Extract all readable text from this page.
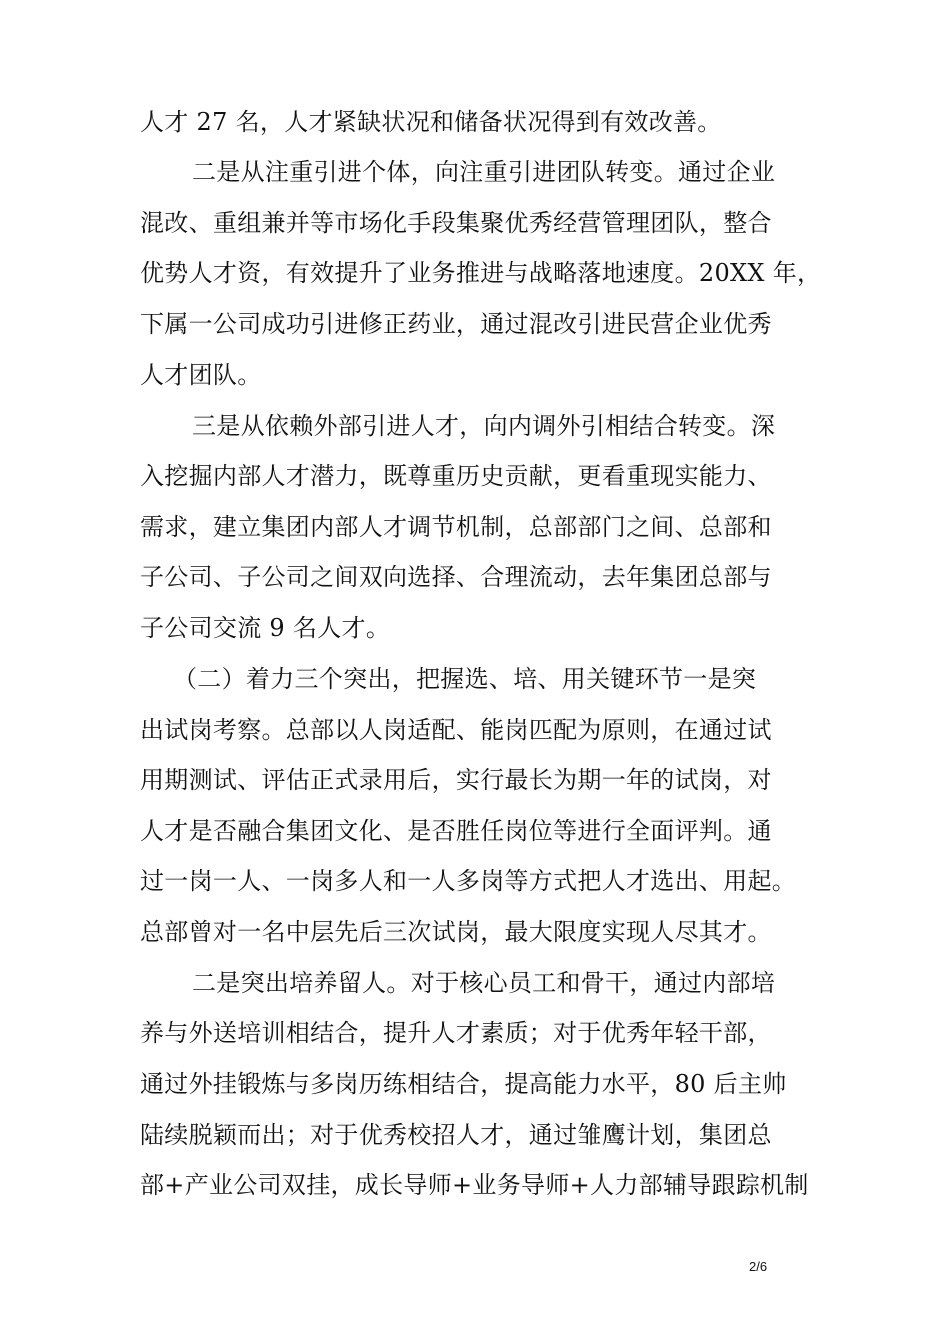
人才 27 名，人才紧缺状况和储备状况得到有效改善。
二是从注重引进个体，向注重引进团队转变。通过企业
混改、重组兼并等市场化手段集聚优秀经营管理团队，整合
优势人才资，有效提升了业务推进与战略落地速度。20XX 年，
下属一公司成功引进修正药业，通过混改引进民营企业优秀
人才团队。
三是从依赖外部引进人才，向内调外引相结合转变。深
入挖掘内部人才潜力，既尊重历史贡献，更看重现实能力、
需求，建立集团内部人才调节机制，总部部门之间、总部和
子公司、子公司之间双向选择、合理流动，去年集团总部与
子公司交流 9 名人才。
（二）着力三个突出，把握选、培、用关键环节一是突
出试岗考察。总部以人岗适配、能岗匹配为原则，在通过试
用期测试、评估正式录用后，实行最长为期一年的试岗，对
人才是否融合集团文化、是否胜任岗位等进行全面评判。通
过一岗一人、一岗多人和一人多岗等方式把人才选出、用起。
总部曾对一名中层先后三次试岗，最大限度实现人尽其才。
二是突出培养留人。对于核心员工和骨干，通过内部培
养与外送培训相结合，提升人才素质；对于优秀年轻干部，
通过外挂锻炼与多岗历练相结合，提高能力水平，80 后主帅
陆续脱颖而出；对于优秀校招人才，通过雏鹰计划，集团总
部+产业公司双挂，成长导师+业务导师+人力部辅导跟踪机制
2/6
